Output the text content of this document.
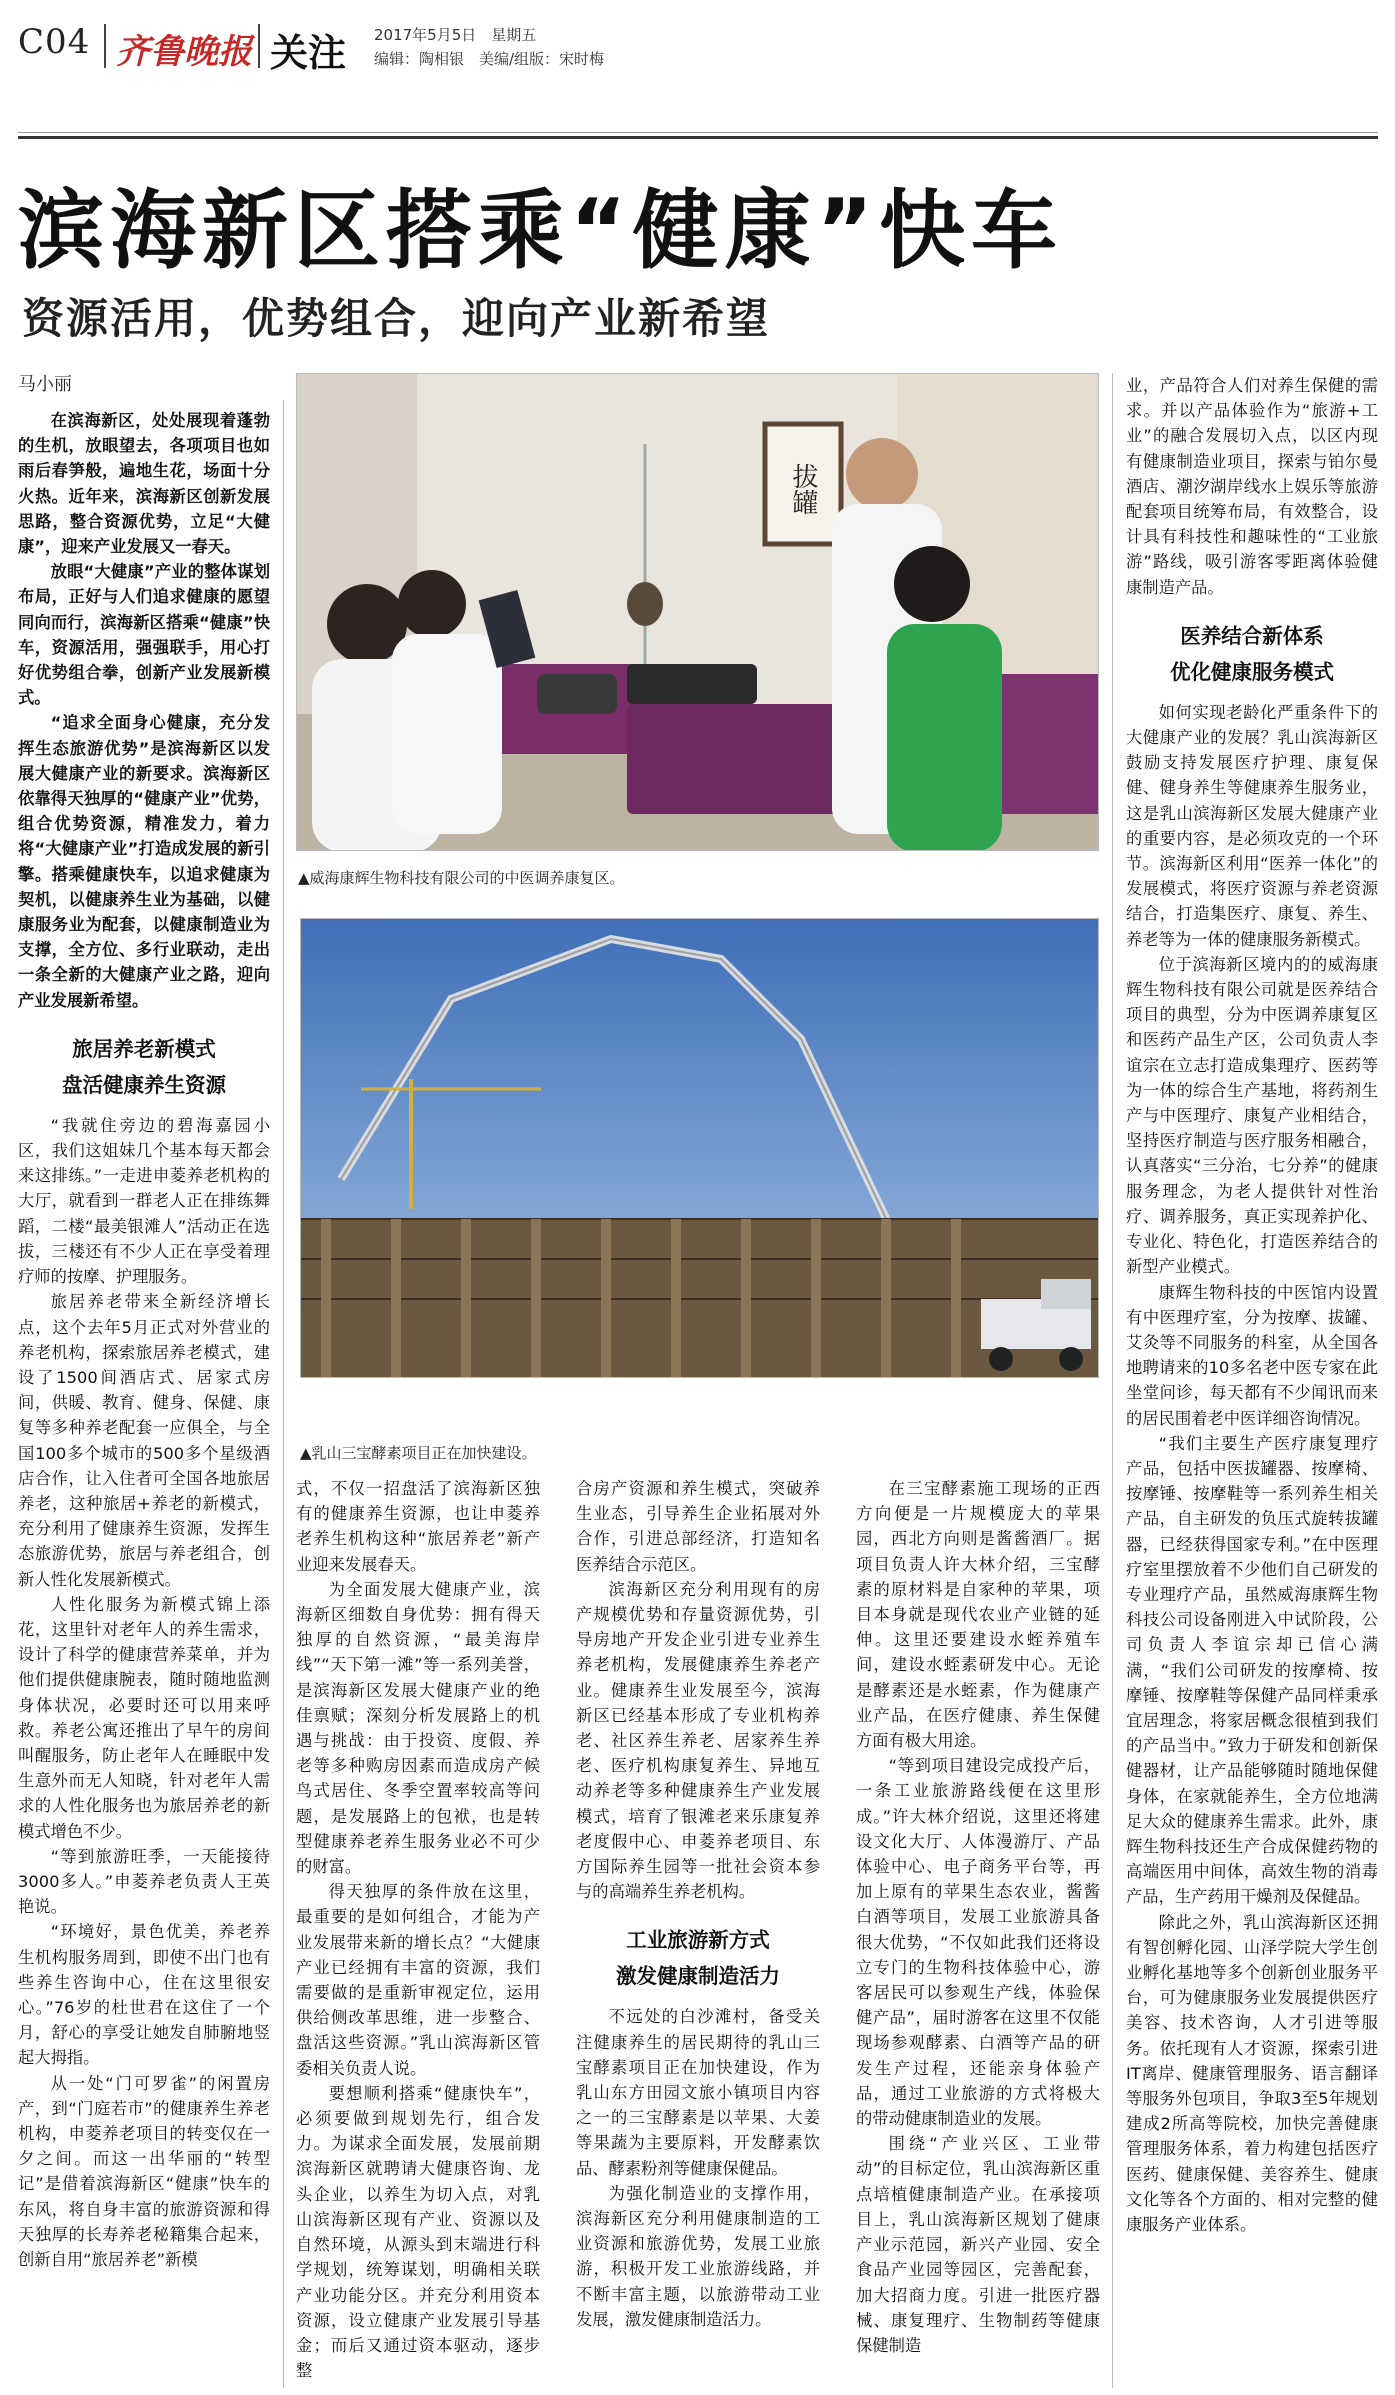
C04 齐鲁晚报 关注 2017年5月5日　星期五
编辑：陶相银　美编/组版：宋时梅
滨海新区搭乘“健康”快车
资源活用，优势组合，迎向产业新希望
马小丽
拔罐
▲威海康辉生物科技有限公司的中医调养康复区。
▲乳山三宝酵素项目正在加快建设。

在滨海新区，处处展现着蓬勃的生机，放眼望去，各项项目也如雨后春笋般，遍地生花，场面十分火热。近年来，滨海新区创新发展思路，整合资源优势，立足“大健康”，迎来产业发展又一春天。

放眼“大健康”产业的整体谋划布局，正好与人们追求健康的愿望同向而行，滨海新区搭乘“健康”快车，资源活用，强强联手，用心打好优势组合拳，创新产业发展新模式。

“追求全面身心健康，充分发挥生态旅游优势”是滨海新区以发展大健康产业的新要求。滨海新区依靠得天独厚的“健康产业”优势，组合优势资源，精准发力，着力将“大健康产业”打造成发展的新引擎。搭乘健康快车，以追求健康为契机，以健康养生业为基础，以健康服务业为配套，以健康制造业为支撑，全方位、多行业联动，走出一条全新的大健康产业之路，迎向产业发展新希望。

旅居养老新模式
盘活健康养生资源

“我就住旁边的碧海嘉园小区，我们这姐妹几个基本每天都会来这排练。”一走进申菱养老机构的大厅，就看到一群老人正在排练舞蹈，二楼“最美银滩人”活动正在选拔，三楼还有不少人正在享受着理疗师的按摩、护理服务。

旅居养老带来全新经济增长点，这个去年5月正式对外营业的养老机构，探索旅居养老模式，建设了1500间酒店式、居家式房间，供暖、教育、健身、保健、康复等多种养老配套一应俱全，与全国100多个城市的500多个星级酒店合作，让入住者可全国各地旅居养老，这种旅居+养老的新模式，充分利用了健康养生资源，发挥生态旅游优势，旅居与养老组合，创新人性化发展新模式。

人性化服务为新模式锦上添花，这里针对老年人的养生需求，设计了科学的健康营养菜单，并为他们提供健康腕表，随时随地监测身体状况，必要时还可以用来呼救。养老公寓还推出了早午的房间叫醒服务，防止老年人在睡眠中发生意外而无人知晓，针对老年人需求的人性化服务也为旅居养老的新模式增色不少。

“等到旅游旺季，一天能接待3000多人。”申菱养老负责人王英艳说。

“环境好，景色优美，养老养生机构服务周到，即使不出门也有些养生咨询中心，住在这里很安心。”76岁的杜世君在这住了一个月，舒心的享受让她发自肺腑地竖起大拇指。

从一处“门可罗雀”的闲置房产，到“门庭若市”的健康养生养老机构，申菱养老项目的转变仅在一夕之间。而这一出华丽的“转型记”是借着滨海新区“健康”快车的东风，将自身丰富的旅游资源和得天独厚的长寿养老秘籍集合起来，创新自用“旅居养老”新模

式，不仅一招盘活了滨海新区独有的健康养生资源，也让申菱养老养生机构这种“旅居养老”新产业迎来发展春天。

为全面发展大健康产业，滨海新区细数自身优势：拥有得天独厚的自然资源，“最美海岸线”“天下第一滩”等一系列美誉，是滨海新区发展大健康产业的绝佳禀赋；深刻分析发展路上的机遇与挑战：由于投资、度假、养老等多种购房因素而造成房产候鸟式居住、冬季空置率较高等问题，是发展路上的包袱，也是转型健康养老养生服务业必不可少的财富。

得天独厚的条件放在这里，最重要的是如何组合，才能为产业发展带来新的增长点？“大健康产业已经拥有丰富的资源，我们需要做的是重新审视定位，运用供给侧改革思维，进一步整合、盘活这些资源。”乳山滨海新区管委相关负责人说。

要想顺利搭乘“健康快车”，必须要做到规划先行，组合发力。为谋求全面发展，发展前期滨海新区就聘请大健康咨询、龙头企业，以养生为切入点，对乳山滨海新区现有产业、资源以及自然环境，从源头到末端进行科学规划，统筹谋划，明确相关联产业功能分区。并充分利用资本资源，设立健康产业发展引导基金；而后又通过资本驱动，逐步整

合房产资源和养生模式，突破养生业态，引导养生企业拓展对外合作，引进总部经济，打造知名医养结合示范区。

滨海新区充分利用现有的房产规模优势和存量资源优势，引导房地产开发企业引进专业养生养老机构，发展健康养生养老产业。健康养生业发展至今，滨海新区已经基本形成了专业机构养老、社区养生养老、居家养生养老、医疗机构康复养生、异地互动养老等多种健康养生产业发展模式，培育了银滩老来乐康复养老度假中心、申菱养老项目、东方国际养生园等一批社会资本参与的高端养生养老机构。

工业旅游新方式
激发健康制造活力

不远处的白沙滩村，备受关注健康养生的居民期待的乳山三宝酵素项目正在加快建设，作为乳山东方田园文旅小镇项目内容之一的三宝酵素是以苹果、大姜等果蔬为主要原料，开发酵素饮品、酵素粉剂等健康保健品。

为强化制造业的支撑作用，滨海新区充分利用健康制造的工业资源和旅游优势，发展工业旅游，积极开发工业旅游线路，并不断丰富主题，以旅游带动工业发展，激发健康制造活力。

在三宝酵素施工现场的正西方向便是一片规模庞大的苹果园，西北方向则是酱酱酒厂。据项目负责人许大林介绍，三宝酵素的原材料是自家种的苹果，项目本身就是现代农业产业链的延伸。这里还要建设水蛭养殖车间，建设水蛭素研发中心。无论是酵素还是水蛭素，作为健康产业产品，在医疗健康、养生保健方面有极大用途。

“等到项目建设完成投产后，一条工业旅游路线便在这里形成。”许大林介绍说，这里还将建设文化大厅、人体漫游厅、产品体验中心、电子商务平台等，再加上原有的苹果生态农业，酱酱白酒等项目，发展工业旅游具备很大优势，“不仅如此我们还将设立专门的生物科技体验中心，游客居民可以参观生产线，体验保健产品”，届时游客在这里不仅能现场参观酵素、白酒等产品的研发生产过程，还能亲身体验产品，通过工业旅游的方式将极大的带动健康制造业的发展。

围绕“产业兴区、工业带动”的目标定位，乳山滨海新区重点培植健康制造产业。在承接项目上，乳山滨海新区规划了健康产业示范园，新兴产业园、安全食品产业园等园区，完善配套，加大招商力度。引进一批医疗器械、康复理疗、生物制药等健康保健制造

业，产品符合人们对养生保健的需求。并以产品体验作为“旅游+工业”的融合发展切入点，以区内现有健康制造业项目，探索与铂尔曼酒店、潮汐湖岸线水上娱乐等旅游配套项目统筹布局，有效整合，设计具有科技性和趣味性的“工业旅游”路线，吸引游客零距离体验健康制造产品。

医养结合新体系
优化健康服务模式

如何实现老龄化严重条件下的大健康产业的发展？乳山滨海新区鼓励支持发展医疗护理、康复保健、健身养生等健康养生服务业，这是乳山滨海新区发展大健康产业的重要内容，是必须攻克的一个环节。滨海新区利用“医养一体化”的发展模式，将医疗资源与养老资源结合，打造集医疗、康复、养生、养老等为一体的健康服务新模式。

位于滨海新区境内的的威海康辉生物科技有限公司就是医养结合项目的典型，分为中医调养康复区和医药产品生产区，公司负责人李谊宗在立志打造成集理疗、医药等为一体的综合生产基地，将药剂生产与中医理疗、康复产业相结合，坚持医疗制造与医疗服务相融合，认真落实“三分治，七分养”的健康服务理念，为老人提供针对性治疗、调养服务，真正实现养护化、专业化、特色化，打造医养结合的新型产业模式。

康辉生物科技的中医馆内设置有中医理疗室，分为按摩、拔罐、艾灸等不同服务的科室，从全国各地聘请来的10多名老中医专家在此坐堂问诊，每天都有不少闻讯而来的居民围着老中医详细咨询情况。

“我们主要生产医疗康复理疗产品，包括中医拔罐器、按摩椅、按摩锤、按摩鞋等一系列养生相关产品，自主研发的负压式旋转拔罐器，已经获得国家专利。”在中医理疗室里摆放着不少他们自己研发的专业理疗产品，虽然威海康辉生物科技公司设备刚进入中试阶段，公司负责人李谊宗却已信心满满，“我们公司研发的按摩椅、按摩锤、按摩鞋等保健产品同样秉承宜居理念，将家居概念很植到我们的产品当中。”致力于研发和创新保健器材，让产品能够随时随地保健身体，在家就能养生，全方位地满足大众的健康养生需求。此外，康辉生物科技还生产合成保健药物的高端医用中间体，高效生物的消毒产品，生产药用干燥剂及保健品。

除此之外，乳山滨海新区还拥有智创孵化园、山泽学院大学生创业孵化基地等多个创新创业服务平台，可为健康服务业发展提供医疗美容、技术咨询，人才引进等服务。依托现有人才资源，探索引进IT离岸、健康管理服务、语言翻译等服务外包项目，争取3至5年规划建成2所高等院校，加快完善健康管理服务体系，着力构建包括医疗医药、健康保健、美容养生、健康文化等各个方面的、相对完整的健康服务产业体系。
